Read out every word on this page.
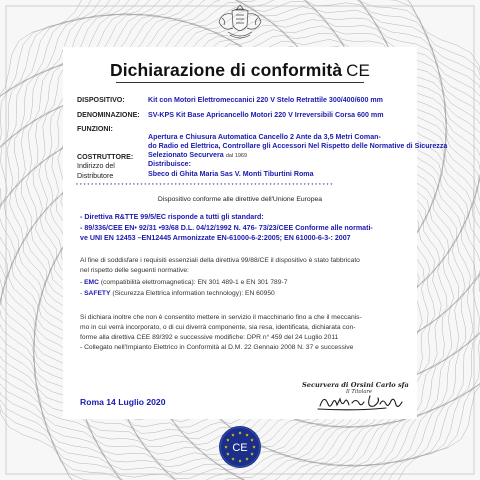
Dichiarazione di conformità CE
DISPOSITIVO:	Kit con Motori Elettromeccanici 220 V Stelo Retrattile 300/400/600 mm
DENOMINAZIONE: SV-KPS Kit Base Apricancello Motori 220 V Irreversibili Corsa 600 mm
FUNZIONI:
Apertura e Chiusura Automatica Cancello 2 Ante da 3,5 Metri Coman-
do Radio ed Elettrica, Controllare gli Accessori Nel Rispetto delle Normative di Sicurezza
COSTRUTTORE: Selezionato Securvera dal 1969
Distribuisce:
Indirizzo del
Sbeco di Ghita Maria Sas V. Monti Tiburtini Roma
Distributore
********************************************************************
Dispositivo conforme alle direttive dell'Unione Europea
- Direttiva R&TTE 99/5/EC risponde a tutti gli standard:
- 89/336/CEE EN• 92/31 •93/68 D.L. 04/12/1992 N. 476- 73/23/CEE Conforme alle normati-
ve UNI EN 12453 –EN12445 Armonizzate EN-61000-6-2:2005; EN 61000-6-3-: 2007
Al fine di soddisfare i requisiti essenziali della direttiva 99/88/CE il dispositivo è stato fabbricato
nel rispetto delle seguenti normative:
- EMC (compatibilità elettromagnetica): EN 301 489-1 e EN 301 789-7
- SAFETY (Sicurezza Elettrica information technology): EN 60950
Si dichiara inoltre che non è consentito mettere in servizio il macchinario fino a che il meccanis-
mo in cui verrà incorporato, o di cui diverrà componente, sia resa, identificata, dichiarata con-
forme alla direttiva CEE 89/392 e successive modifiche: DPR n° 459 del 24 Luglio 2011
- Collegato nell'Impianto Elettrico in Conformità al D.M. 22 Gennaio 2008 N. 37 e successive
Roma 14 Luglio 2020
Securvera di Orsini Carlo sfa
Il Titolare
★
★
★
★
★
★
★
★
★ ★ ★
★
CE
